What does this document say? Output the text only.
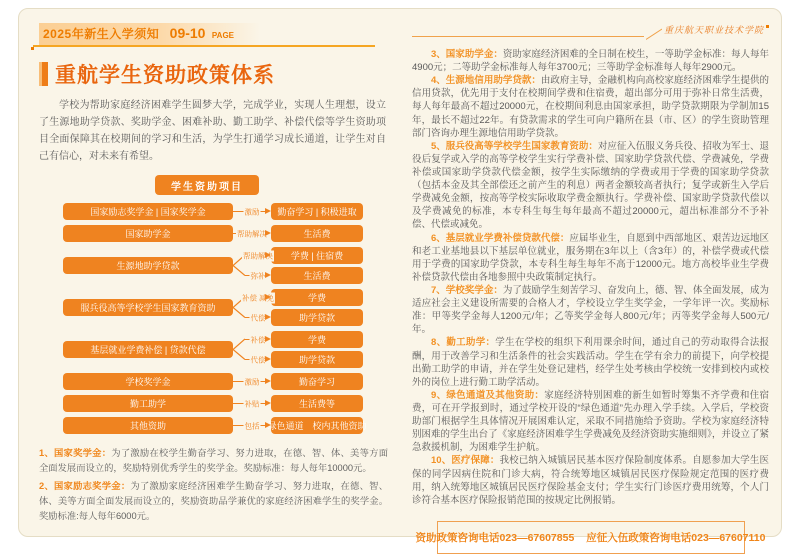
2025年新生入学须知 09-10 PAGE
重航学生资助政策体系

学校为帮助家庭经济困难学生圆梦大学，完成学业，实现人生理想，设立了生源地助学贷款、奖助学金、困难补助、勤工助学、补偿代偿等学生资助项目全面保障其在校期间的学习和生活，为学生打通学习成长通道，让学生对自己有信心，对未来有希望。

学生资助项目
国家励志奖学金 | 国家奖学金	激励	勤奋学习 | 积极进取
国家助学金	帮助解决	生活费
生源地助学贷款
帮助解决	学费 | 住宿费
弥补	生活费
服兵役高等学校学生国家教育资助
补偿 减免	学费
代偿	助学贷款
基层就业学费补偿 | 贷款代偿
补偿	学费
代偿	助学贷款
学校奖学金	激励	勤奋学习
勤工助学	补贴	生活费等
其他资助	包括 绿色通道　校内其他资助

1、国家奖学金：为了激励在校学生勤奋学习、努力进取，在德、智、体、美等方面全面发展而设立的，奖励特别优秀学生的奖学金。奖励标准：每人每年10000元。

2、国家励志奖学金：为了激励家庭经济困难学生勤奋学习、努力进取，在德、智、体、美等方面全面发展而设立的，奖励资助品学兼优的家庭经济困难学生的奖学金。奖励标准:每人每年6000元。

重庆航天职业技术学院

3、国家助学金：资助家庭经济困难的全日制在校生，一等助学金标准：每人每年4900元；二等助学金标准每人每年3700元；三等助学金标准每人每年2900元。

4、生源地信用助学贷款：由政府主导，金融机构向高校家庭经济困难学生提供的信用贷款，优先用于支付在校期间学费和住宿费，超出部分可用于弥补日常生活费，每人每年最高不超过20000元，在校期间利息由国家承担，助学贷款期限为学制加15年，最长不超过22年。有贷款需求的学生可向户籍所在县（市、区）的学生资助管理部门咨询办理生源地信用助学贷款。

5、服兵役高等学校学生国家教育资助：对应征入伍服义务兵役、招收为军士、退役后复学或入学的高等学校学生实行学费补偿、国家助学贷款代偿、学费减免，学费补偿或国家助学贷款代偿金额，按学生实际缴纳的学费或用于学费的国家助学贷款（包括本金及其全部偿还之前产生的利息）两者金额较高者执行；复学或新生入学后学费减免金额，按高等学校实际收取学费金额执行。学费补偿、国家助学贷款代偿以及学费减免的标准，本专科生每生每年最高不超过20000元，超出标准部分不予补偿、代偿或减免。

6、基层就业学费补偿贷款代偿：应届毕业生，自愿到中西部地区、艰苦边远地区和老工业基地县以下基层单位就业，服务期在3年以上（含3年）的，补偿学费或代偿用于学费的国家助学贷款，本专科生每生每年不高于12000元。地方高校毕业生学费补偿贷款代偿由各地参照中央政策制定执行。

7、学校奖学金：为了鼓励学生刻苦学习、奋发向上，德、智、体全面发展，成为适应社会主义建设所需要的合格人才，学校设立学生奖学金，一学年评一次。奖励标准：甲等奖学金每人1200元/年；乙等奖学金每人800元/年；丙等奖学金每人500元/年。

8、勤工助学：学生在学校的组织下利用课余时间，通过自己的劳动取得合法报酬，用于改善学习和生活条件的社会实践活动。学生在学有余力的前提下，向学校提出勤工助学的申请，并在学生处登记建档，经学生处考核由学校统一安排到校内或校外的岗位上进行勤工助学活动。

9、绿色通道及其他资助：家庭经济特别困难的新生如暂时筹集不齐学费和住宿费，可在开学报到时，通过学校开设的“绿色通道”先办理入学手续。入学后，学校资助部门根据学生具体情况开展困难认定，采取不同措施给予资助。学校为家庭经济特别困难的学生出台了《家庭经济困难学生学费减免及经济资助实施细则》，并设立了紧急救援机制，为困难学生护航。

10、医疗保障：我校已纳入城镇居民基本医疗保险制度体系。自愿参加大学生医保的同学因病住院和门诊大病，符合统筹地区城镇居民医疗保险规定范围的医疗费用，纳入统筹地区城镇居民医疗保险基金支付；学生实行门诊医疗费用统筹，个人门诊符合基本医疗保险报销范围的按规定比例报销。

资助政策咨询电话023—67607855 应征入伍政策咨询电话023—67607110
